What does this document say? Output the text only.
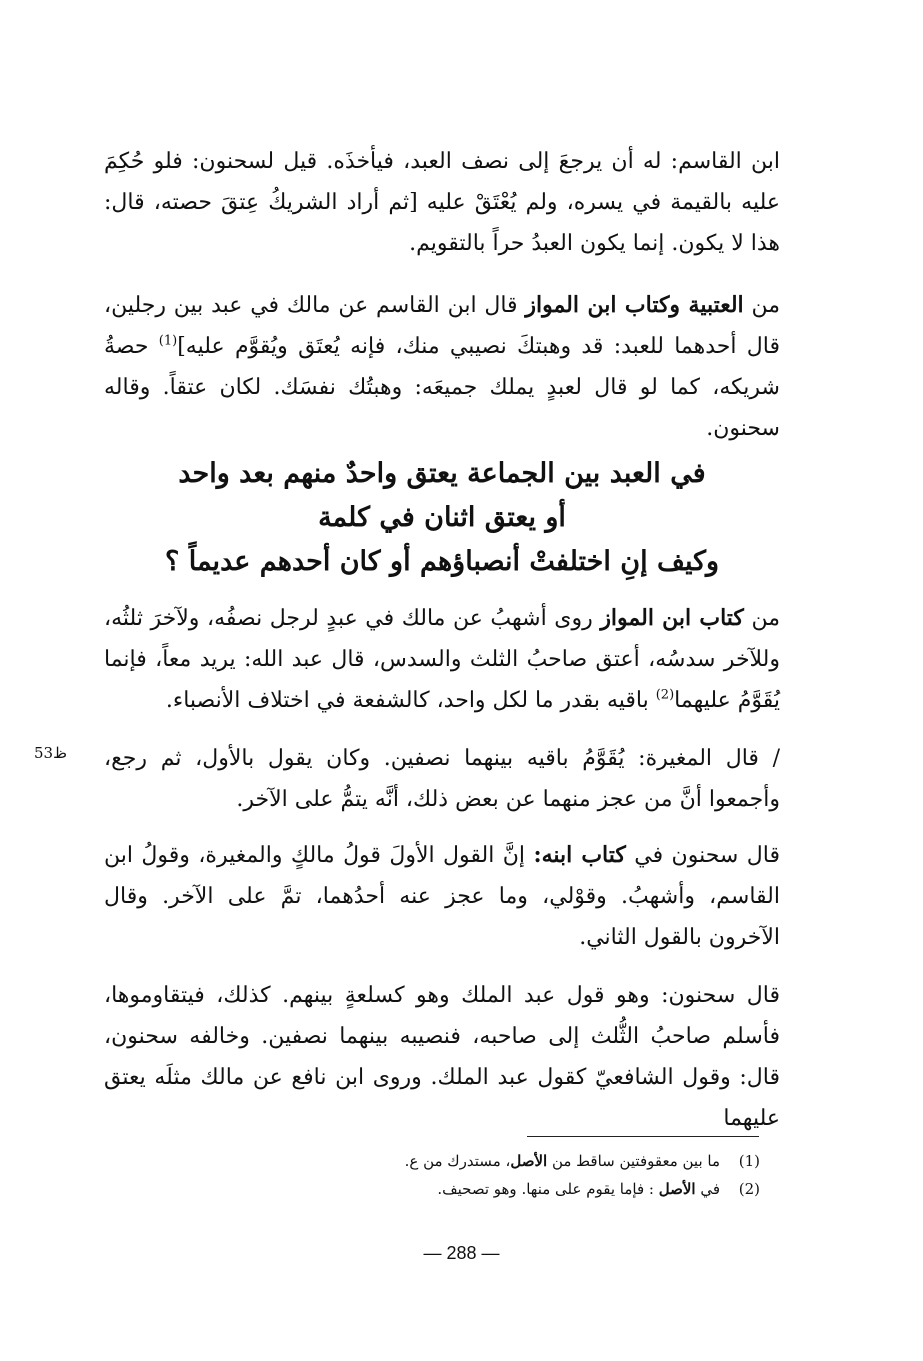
ابن القاسم: له أن يرجعَ إلى نصف العبد، فيأخذَه. قيل لسحنون: فلو حُكِمَ عليه بالقيمة في يسره، ولم يُعْتَقْ عليه [ثم أراد الشريكُ عِتقَ حصته، قال: هذا لا يكون. إنما يكون العبدُ حراً بالتقويم.

من العتبية وكتاب ابن المواز قال ابن القاسم عن مالك في عبد بين رجلين، قال أحدهما للعبد: قد وهبتكَ نصيبي منك، فإنه يُعتَق ويُقوَّم عليه]$^{(1)}$ حصةُ شريكه، كما لو قال لعبدٍ يملك جميعَه: وهبتُك نفسَك. لكان عتقاً. وقاله سحنون.

في العبد بين الجماعة يعتق واحدٌ منهم بعد واحد
أو يعتق اثنان في كلمة
وكيف إنِ اختلفتْ أنصباؤهم أو كان أحدهم عديماً ؟

من كتاب ابن المواز روى أشهبُ عن مالك في عبدٍ لرجل نصفُه، ولآخرَ ثلثُه، وللآخر سدسُه، أعتق صاحبُ الثلث والسدس، قال عبد الله: يريد معاً، فإنما يُقَوَّمُ عليهما$^{(2)}$ باقيه بقدر ما لكل واحد، كالشفعة في اختلاف الأنصباء.

ظ53 / قال المغيرة: يُقَوَّمُ باقيه بينهما نصفين. وكان يقول بالأول، ثم رجع، وأجمعوا أنَّ من عجز منهما عن بعض ذلك، أنَّه يتمُّ على الآخر.

قال سحنون في كتاب ابنه: إنَّ القول الأولَ قولُ مالكٍ والمغيرة، وقولُ ابن القاسم، وأشهبُ. وقوْلي، وما عجز عنه أحدُهما، تمَّ على الآخر. وقال الآخرون بالقول الثاني.

قال سحنون: وهو قول عبد الملك وهو كسلعةٍ بينهم. كذلك، فيتقاوموها، فأسلم صاحبُ الثُّلث إلى صاحبه، فنصيبه بينهما نصفين. وخالفه سحنون، قال: وقول الشافعيّ كقول عبد الملك. وروى ابن نافع عن مالك مثلَه يعتق عليهما

(1)ما بين معقوفتين ساقط من الأصل، مستدرك من ع.
(2)في الأصل : فإما يقوم على منها. وهو تصحيف.
— 288 —
